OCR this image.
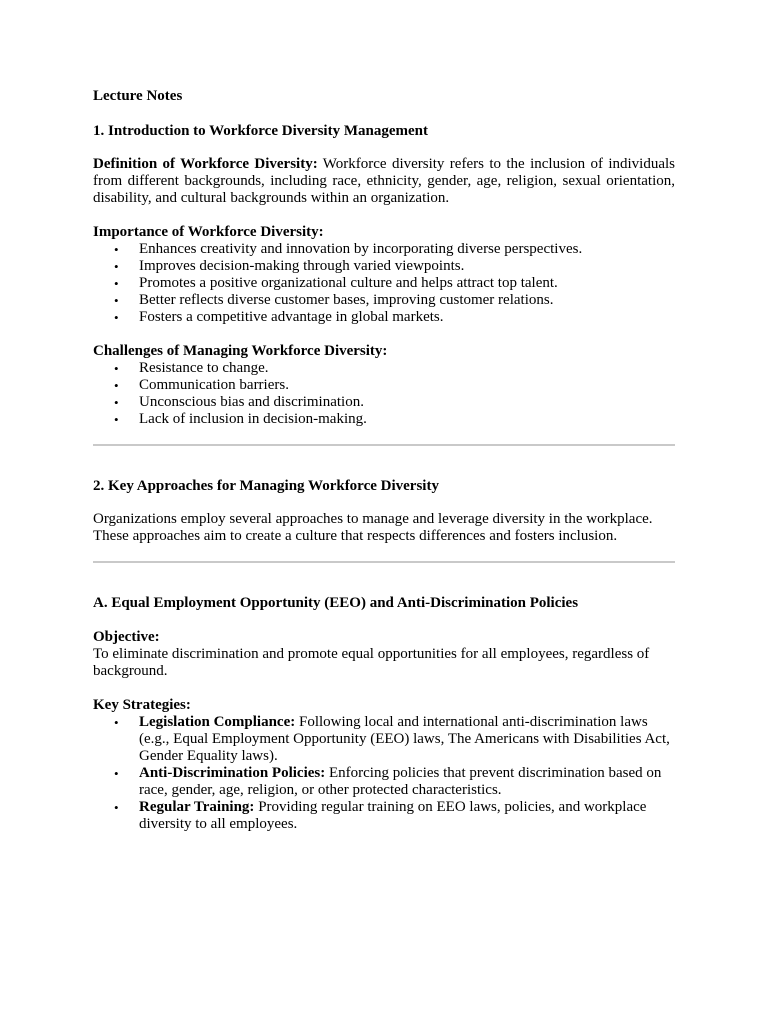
Lecture Notes

1. Introduction to Workforce Diversity Management

Definition of Workforce Diversity: Workforce diversity refers to the inclusion of individuals from different backgrounds, including race, ethnicity, gender, age, religion, sexual orientation, disability, and cultural backgrounds within an organization.

Importance of Workforce Diversity:

• Enhances creativity and innovation by incorporating diverse perspectives.
• Improves decision-making through varied viewpoints.
• Promotes a positive organizational culture and helps attract top talent.
• Better reflects diverse customer bases, improving customer relations.
• Fosters a competitive advantage in global markets.

Challenges of Managing Workforce Diversity:

• Resistance to change.
• Communication barriers.
• Unconscious bias and discrimination.
• Lack of inclusion in decision-making.

2. Key Approaches for Managing Workforce Diversity

Organizations employ several approaches to manage and leverage diversity in the workplace. These approaches aim to create a culture that respects differences and fosters inclusion.

A. Equal Employment Opportunity (EEO) and Anti-Discrimination Policies

Objective:

To eliminate discrimination and promote equal opportunities for all employees, regardless of background.

Key Strategies:

• Legislation Compliance: Following local and international anti-discrimination laws (e.g., Equal Employment Opportunity (EEO) laws, The Americans with Disabilities Act, Gender Equality laws).
• Anti-Discrimination Policies: Enforcing policies that prevent discrimination based on race, gender, age, religion, or other protected characteristics.
• Regular Training: Providing regular training on EEO laws, policies, and workplace diversity to all employees.
